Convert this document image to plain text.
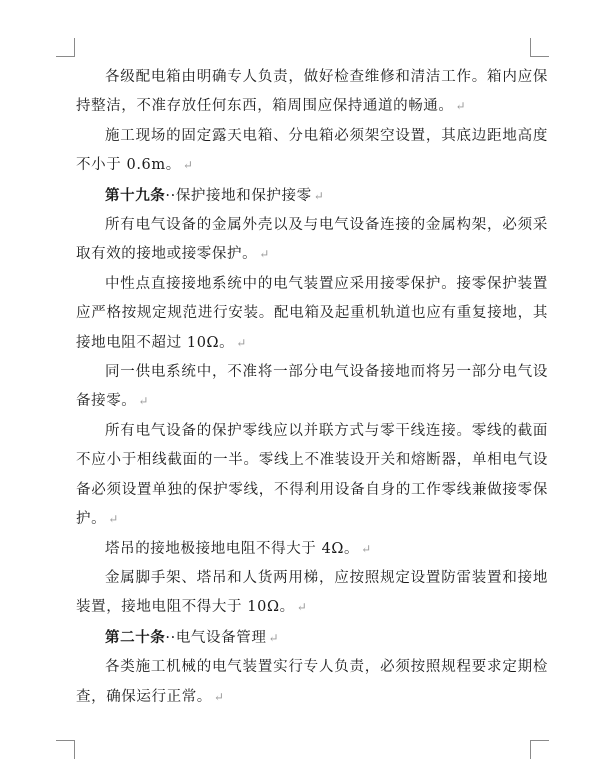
各级配电箱由明确专人负责，做好检查维修和清洁工作。箱内应保持整洁，不准存放任何东西，箱周围应保持通道的畅通。 ↵

施工现场的固定露天电箱、分电箱必须架空设置，其底边距地高度不小于 0.6m。 ↵

第十九条··保护接地和保护接零 ↵

所有电气设备的金属外壳以及与电气设备连接的金属构架，必须采取有效的接地或接零保护。 ↵

中性点直接接地系统中的电气装置应采用接零保护。接零保护装置应严格按规定规范进行安装。配电箱及起重机轨道也应有重复接地，其接地电阻不超过 10Ω。 ↵

同一供电系统中，不准将一部分电气设备接地而将另一部分电气设备接零。 ↵

所有电气设备的保护零线应以并联方式与零干线连接。零线的截面不应小于相线截面的一半。零线上不准装设开关和熔断器，单相电气设备必须设置单独的保护零线，不得利用设备自身的工作零线兼做接零保护。 ↵

塔吊的接地极接地电阻不得大于 4Ω。 ↵

金属脚手架、塔吊和人货两用梯，应按照规定设置防雷装置和接地装置，接地电阻不得大于 10Ω。 ↵

第二十条··电气设备管理 ↵

各类施工机械的电气装置实行专人负责，必须按照规程要求定期检查，确保运行正常。 ↵
